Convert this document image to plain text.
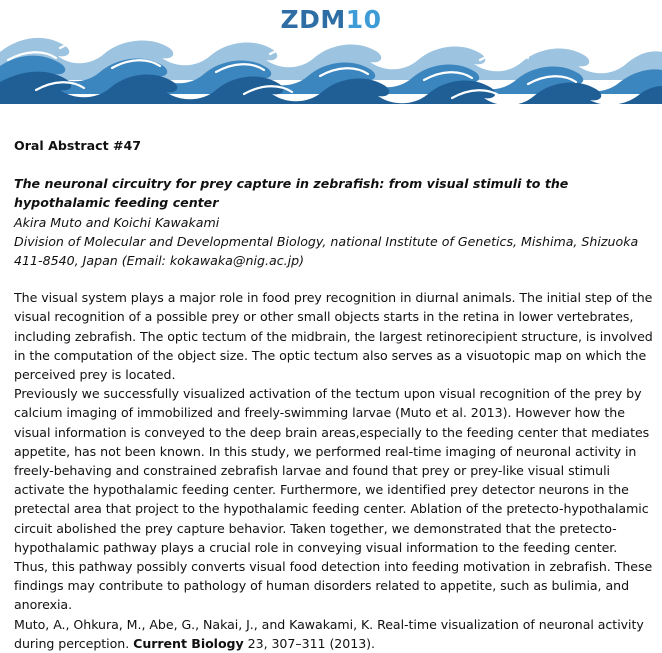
ZDM10

Oral Abstract #47

The neuronal circuitry for prey capture in zebrafish: from visual stimuli to the hypothalamic feeding center

Akira Muto and Koichi Kawakami

Division of Molecular and Developmental Biology, national Institute of Genetics, Mishima, Shizuoka 411-8540, Japan (Email: kokawaka@nig.ac.jp)

The visual system plays a major role in food prey recognition in diurnal animals. The initial step of the visual recognition of a possible prey or other small objects starts in the retina in lower vertebrates, including zebrafish. The optic tectum of the midbrain, the largest retinorecipient structure, is involved in the computation of the object size. The optic tectum also serves as a visuotopic map on which the perceived prey is located.

Previously we successfully visualized activation of the tectum upon visual recognition of the prey by calcium imaging of immobilized and freely-swimming larvae (Muto et al. 2013). However how the visual information is conveyed to the deep brain areas,especially to the feeding center that mediates appetite, has not been known. In this study, we performed real-time imaging of neuronal activity in freely-behaving and constrained zebrafish larvae and found that prey or prey-like visual stimuli activate the hypothalamic feeding center. Furthermore, we identified prey detector neurons in the pretectal area that project to the hypothalamic feeding center. Ablation of the pretecto-hypothalamic circuit abolished the prey capture behavior. Taken together, we demonstrated that the pretecto-hypothalamic pathway plays a crucial role in conveying visual information to the feeding center. Thus, this pathway possibly converts visual food detection into feeding motivation in zebrafish. These findings may contribute to pathology of human disorders related to appetite, such as bulimia, and anorexia.

Muto, A., Ohkura, M., Abe, G., Nakai, J., and Kawakami, K. Real-time visualization of neuronal activity during perception. Current Biology 23, 307–311 (2013).
